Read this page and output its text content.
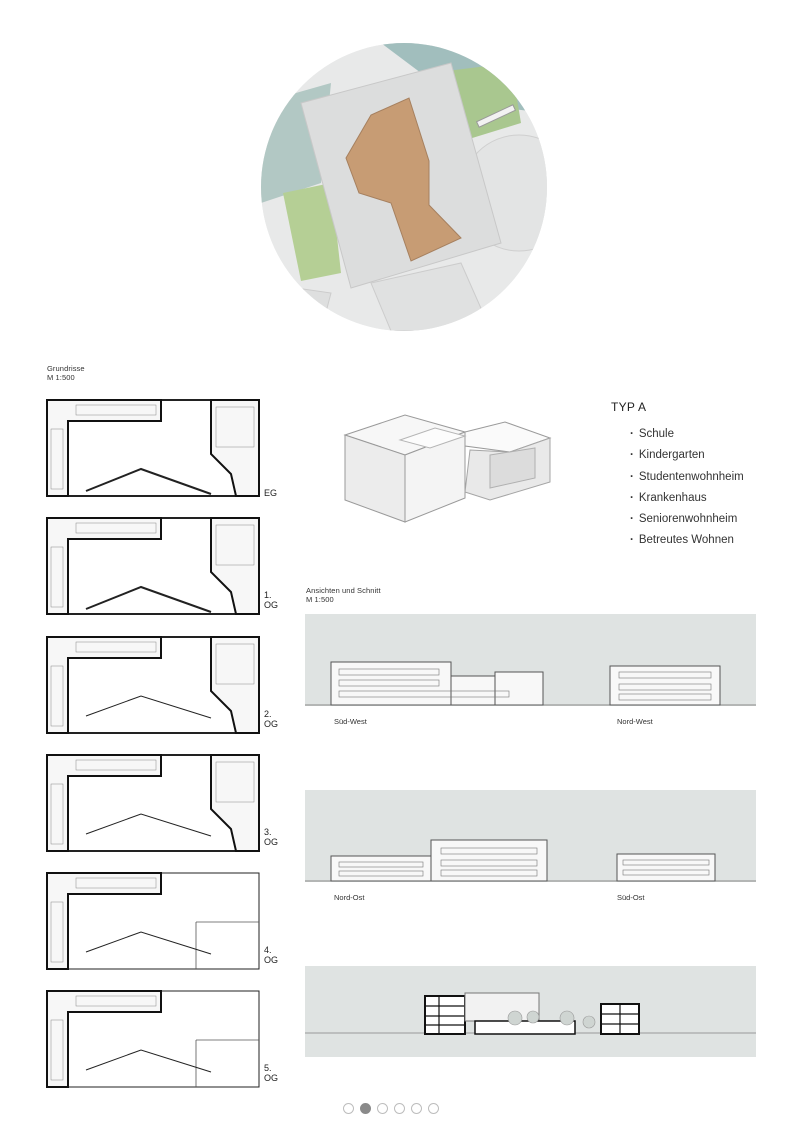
Grundrisse
M 1:500
EG
1.
OG
2.
OG
3.
OG
4.
OG
5.
OG
TYP A
· Schule
· Kindergarten
· Studentenwohnheim
· Krankenhaus
· Seniorenwohnheim
· Betreutes Wohnen
Ansichten und Schnitt
M 1:500
Süd-West	Nord-West
Nord-Ost	Süd-Ost
